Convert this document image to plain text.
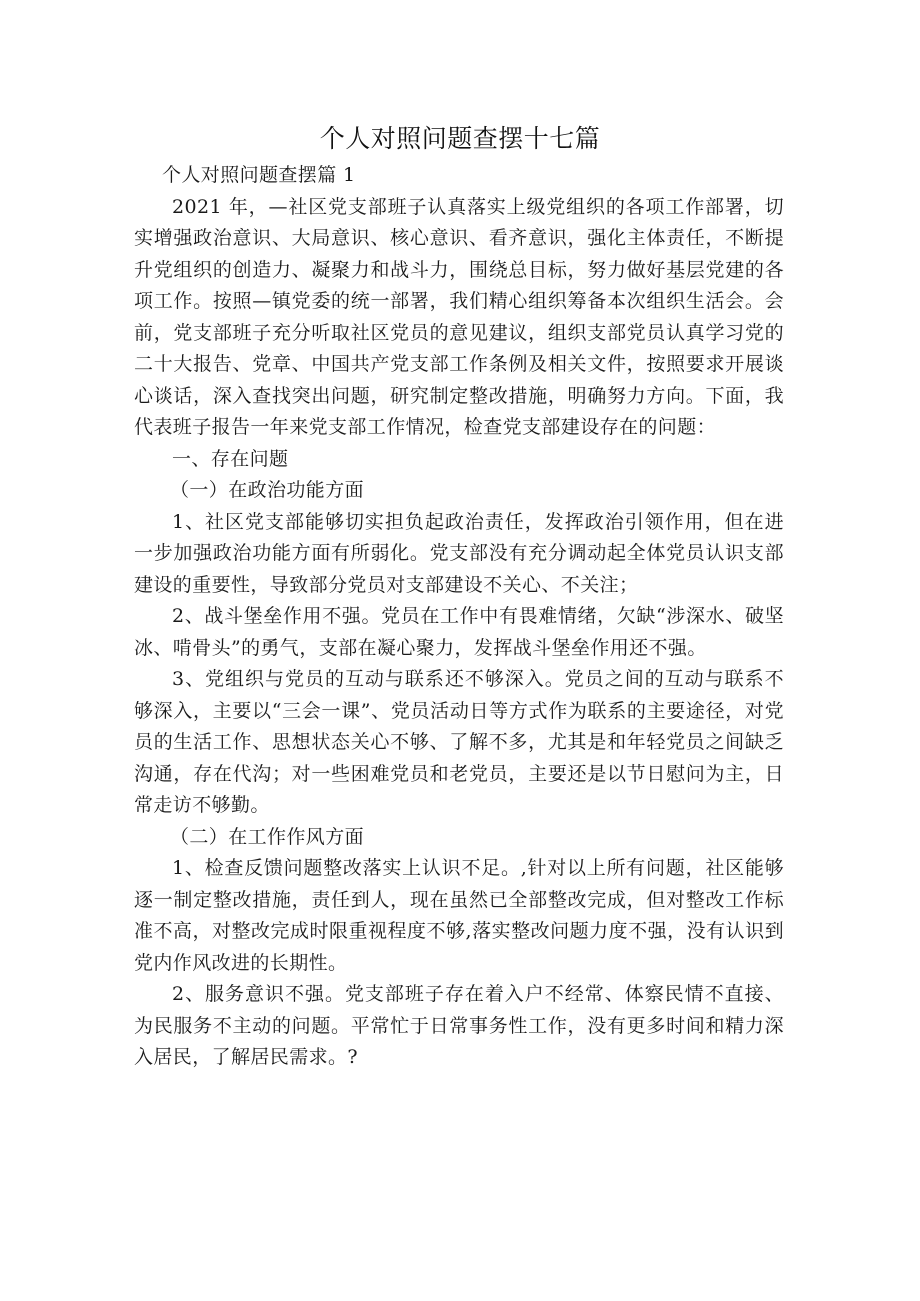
个人对照问题查摆十七篇

个人对照问题查摆篇 1

2021 年，—社区党支部班子认真落实上级党组织的各项工作部署，切实增强政治意识、大局意识、核心意识、看齐意识，强化主体责任，不断提升党组织的创造力、凝聚力和战斗力，围绕总目标，努力做好基层党建的各项工作。按照—镇党委的统一部署，我们精心组织筹备本次组织生活会。会前，党支部班子充分听取社区党员的意见建议，组织支部党员认真学习党的二十大报告、党章、中国共产党支部工作条例及相关文件，按照要求开展谈心谈话，深入查找突出问题，研究制定整改措施，明确努力方向。下面，我代表班子报告一年来党支部工作情况，检查党支部建设存在的问题：

一、存在问题

（一）在政治功能方面

1、社区党支部能够切实担负起政治责任，发挥政治引领作用，但在进一步加强政治功能方面有所弱化。党支部没有充分调动起全体党员认识支部建设的重要性，导致部分党员对支部建设不关心、不关注；

2、战斗堡垒作用不强。党员在工作中有畏难情绪，欠缺“涉深水、破坚冰、啃骨头”的勇气，支部在凝心聚力，发挥战斗堡垒作用还不强。

3、党组织与党员的互动与联系还不够深入。党员之间的互动与联系不够深入，主要以“三会一课”、党员活动日等方式作为联系的主要途径，对党员的生活工作、思想状态关心不够、了解不多，尤其是和年轻党员之间缺乏沟通，存在代沟；对一些困难党员和老党员，主要还是以节日慰问为主，日常走访不够勤。

（二）在工作作风方面

1、检查反馈问题整改落实上认识不足。,针对以上所有问题，社区能够逐一制定整改措施，责任到人，现在虽然已全部整改完成，但对整改工作标准不高，对整改完成时限重视程度不够,落实整改问题力度不强，没有认识到党内作风改进的长期性。

2、服务意识不强。党支部班子存在着入户不经常、体察民情不直接、为民服务不主动的问题。平常忙于日常事务性工作，没有更多时间和精力深入居民，了解居民需求。?
